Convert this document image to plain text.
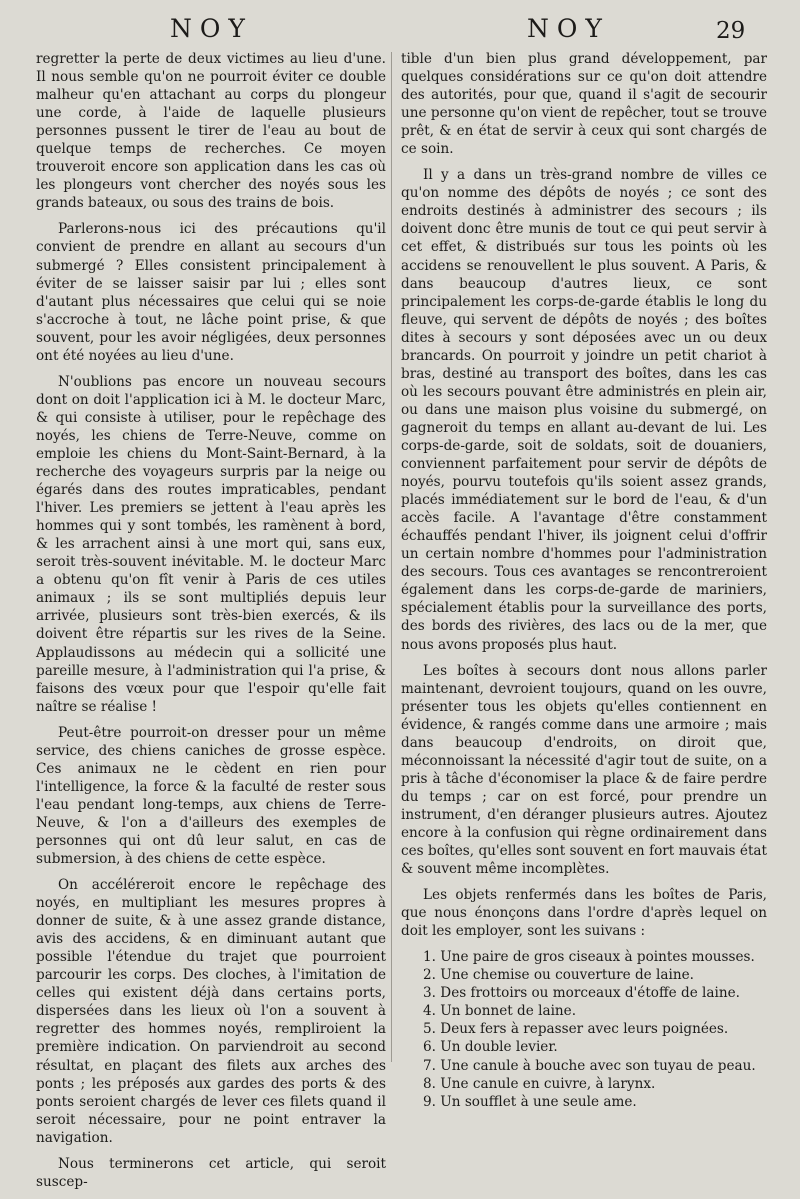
NOY	NOY	29

regretter la perte de deux victimes au lieu d'une. Il nous semble qu'on ne pourroit éviter ce double malheur qu'en attachant au corps du plongeur une corde, à l'aide de laquelle plusieurs personnes pussent le tirer de l'eau au bout de quelque temps de recherches. Ce moyen trouveroit encore son application dans les cas où les plongeurs vont chercher des noyés sous les grands bateaux, ou sous des trains de bois.

Parlerons-nous ici des précautions qu'il convient de prendre en allant au secours d'un submergé ? Elles consistent principalement à éviter de se laisser saisir par lui ; elles sont d'autant plus nécessaires que celui qui se noie s'accroche à tout, ne lâche point prise, & que souvent, pour les avoir négligées, deux personnes ont été noyées au lieu d'une.

N'oublions pas encore un nouveau secours dont on doit l'application ici à M. le docteur Marc, & qui consiste à utiliser, pour le repêchage des noyés, les chiens de Terre-Neuve, comme on emploie les chiens du Mont-Saint-Bernard, à la recherche des voyageurs surpris par la neige ou égarés dans des routes impraticables, pendant l'hiver. Les premiers se jettent à l'eau après les hommes qui y sont tombés, les ramènent à bord, & les arrachent ainsi à une mort qui, sans eux, seroit très-souvent inévitable. M. le docteur Marc a obtenu qu'on fît venir à Paris de ces utiles animaux ; ils se sont multipliés depuis leur arrivée, plusieurs sont très-bien exercés, & ils doivent être répartis sur les rives de la Seine. Applaudissons au médecin qui a sollicité une pareille mesure, à l'administration qui l'a prise, & faisons des vœux pour que l'espoir qu'elle fait naître se réalise !

Peut-être pourroit-on dresser pour un même service, des chiens caniches de grosse espèce. Ces animaux ne le cèdent en rien pour l'intelligence, la force & la faculté de rester sous l'eau pendant long-temps, aux chiens de Terre-Neuve, & l'on a d'ailleurs des exemples de personnes qui ont dû leur salut, en cas de submersion, à des chiens de cette espèce.

On accéléreroit encore le repêchage des noyés, en multipliant les mesures propres à donner de suite, & à une assez grande distance, avis des accidens, & en diminuant autant que possible l'étendue du trajet que pourroient parcourir les corps. Des cloches, à l'imitation de celles qui existent déjà dans certains ports, dispersées dans les lieux où l'on a souvent à regretter des hommes noyés, rempliroient la première indication. On parviendroit au second résultat, en plaçant des filets aux arches des ponts ; les préposés aux gardes des ports & des ponts seroient chargés de lever ces filets quand il seroit nécessaire, pour ne point entraver la navigation.

Nous terminerons cet article, qui seroit suscep-

tible d'un bien plus grand développement, par quelques considérations sur ce qu'on doit attendre des autorités, pour que, quand il s'agit de secourir une personne qu'on vient de repêcher, tout se trouve prêt, & en état de servir à ceux qui sont chargés de ce soin.

Il y a dans un très-grand nombre de villes ce qu'on nomme des dépôts de noyés ; ce sont des endroits destinés à administrer des secours ; ils doivent donc être munis de tout ce qui peut servir à cet effet, & distribués sur tous les points où les accidens se renouvellent le plus souvent. A Paris, & dans beaucoup d'autres lieux, ce sont principalement les corps-de-garde établis le long du fleuve, qui servent de dépôts de noyés ; des boîtes dites à secours y sont déposées avec un ou deux brancards. On pourroit y joindre un petit chariot à bras, destiné au transport des boîtes, dans les cas où les secours pouvant être administrés en plein air, ou dans une maison plus voisine du submergé, on gagneroit du temps en allant au-devant de lui. Les corps-de-garde, soit de soldats, soit de douaniers, conviennent parfaitement pour servir de dépôts de noyés, pourvu toutefois qu'ils soient assez grands, placés immédiatement sur le bord de l'eau, & d'un accès facile. A l'avantage d'être constamment échauffés pendant l'hiver, ils joignent celui d'offrir un certain nombre d'hommes pour l'administration des secours. Tous ces avantages se rencontreroient également dans les corps-de-garde de mariniers, spécialement établis pour la surveillance des ports, des bords des rivières, des lacs ou de la mer, que nous avons proposés plus haut.

Les boîtes à secours dont nous allons parler maintenant, devroient toujours, quand on les ouvre, présenter tous les objets qu'elles contiennent en évidence, & rangés comme dans une armoire ; mais dans beaucoup d'endroits, on diroit que, méconnoissant la nécessité d'agir tout de suite, on a pris à tâche d'économiser la place & de faire perdre du temps ; car on est forcé, pour prendre un instrument, d'en déranger plusieurs autres. Ajoutez encore à la confusion qui règne ordinairement dans ces boîtes, qu'elles sont souvent en fort mauvais état & souvent même incomplètes.

Les objets renfermés dans les boîtes de Paris, que nous énonçons dans l'ordre d'après lequel on doit les employer, sont les suivans :

1. Une paire de gros ciseaux à pointes mousses.
2. Une chemise ou couverture de laine.
3. Des frottoirs ou morceaux d'étoffe de laine.
4. Un bonnet de laine.
5. Deux fers à repasser avec leurs poignées.
6. Un double levier.
7. Une canule à bouche avec son tuyau de peau.
8. Une canule en cuivre, à larynx.
9. Un soufflet à une seule ame.
